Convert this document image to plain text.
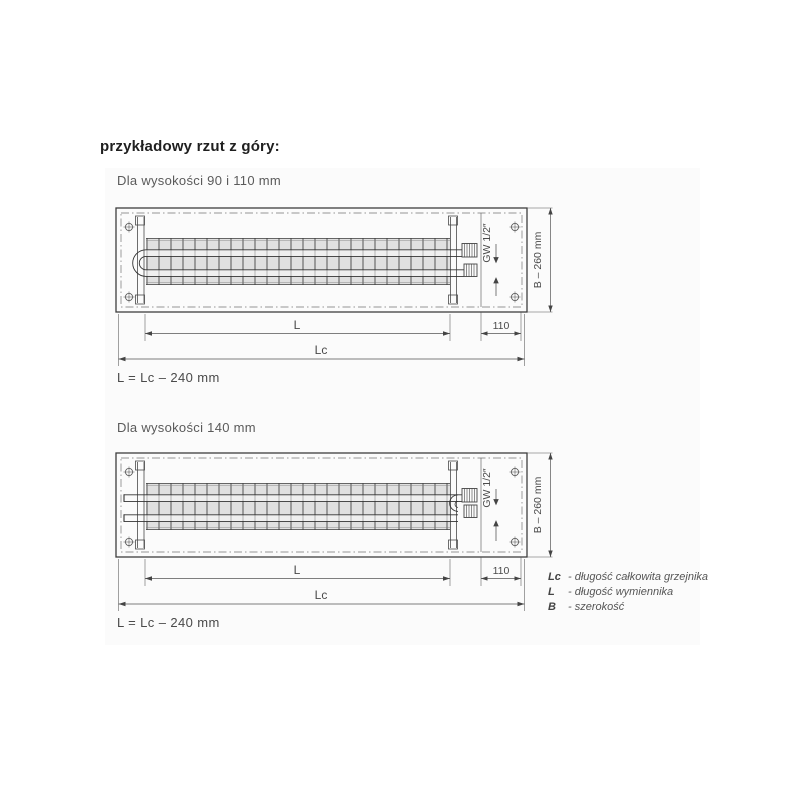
przykładowy rzut z góry:
Dla wysokości 90 i 110 mm
GW 1/2″	B – 260 mm
L	110
Lc
L = Lc – 240 mm
Dla wysokości 140 mm
GW 1/2″	B – 260 mm
L	110
Lc
L = Lc – 240 mm
Lc - długość całkowita grzejnika
L - długość wymiennika
B - szerokość
